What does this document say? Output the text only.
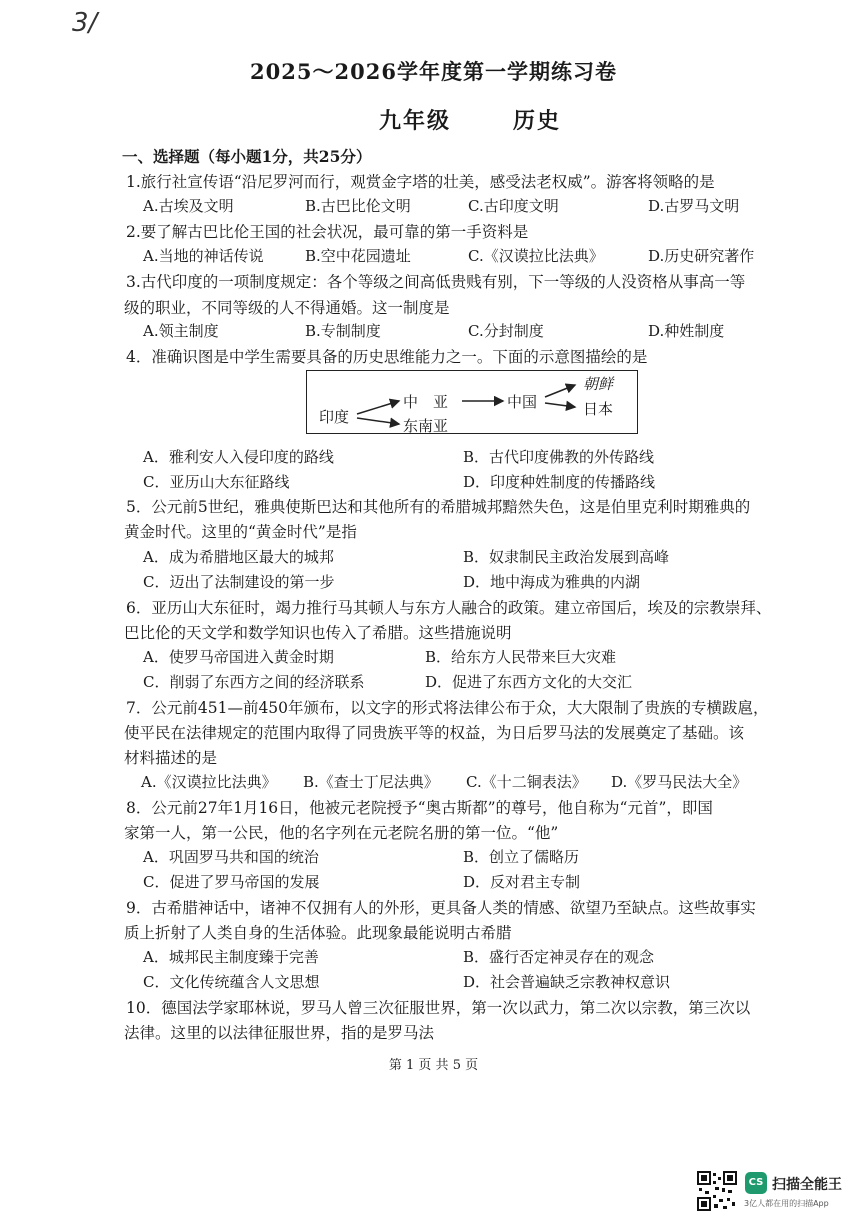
3/
2025～2026学年度第一学期练习卷
九年级	历史
一、选择题（每小题1分，共25分）
1.旅行社宣传语“沿尼罗河而行，观赏金字塔的壮美，感受法老权威”。游客将领略的是
A.古埃及文明	B.古巴比伦文明	C.古印度文明	D.古罗马文明
2.要了解古巴比伦王国的社会状况，最可靠的第一手资料是
A.当地的神话传说	B.空中花园遗址	C.《汉谟拉比法典》	D.历史研究著作
3.古代印度的一项制度规定：各个等级之间高低贵贱有别，下一等级的人没资格从事高一等
级的职业，不同等级的人不得通婚。这一制度是
A.领主制度	B.专制制度	C.分封制度	D.种姓制度
4．准确识图是中学生需要具备的历史思维能力之一。下面的示意图描绘的是
印度
中　亚
东南亚
中国
朝鲜
日本
A．雅利安人入侵印度的路线	B．古代印度佛教的外传路线
C．亚历山大东征路线	D．印度种姓制度的传播路线
5．公元前5世纪，雅典使斯巴达和其他所有的希腊城邦黯然失色，这是伯里克利时期雅典的
黄金时代。这里的“黄金时代”是指
A．成为希腊地区最大的城邦	B．奴隶制民主政治发展到高峰
C．迈出了法制建设的第一步	D．地中海成为雅典的内湖
6．亚历山大东征时，竭力推行马其顿人与东方人融合的政策。建立帝国后，埃及的宗教崇拜、
巴比伦的天文学和数学知识也传入了希腊。这些措施说明
A．使罗马帝国进入黄金时期	B．给东方人民带来巨大灾难
C．削弱了东西方之间的经济联系	D．促进了东西方文化的大交汇
7．公元前451—前450年颁布，以文字的形式将法律公布于众，大大限制了贵族的专横跋扈，
使平民在法律规定的范围内取得了同贵族平等的权益，为日后罗马法的发展奠定了基础。该
材料描述的是
A.《汉谟拉比法典》 B.《查士丁尼法典》 C.《十二铜表法》 D.《罗马民法大全》
8．公元前27年1月16日，他被元老院授予“奥古斯都”的尊号，他自称为“元首”，即国
家第一人，第一公民，他的名字列在元老院名册的第一位。“他”
A．巩固罗马共和国的统治	B．创立了儒略历
C．促进了罗马帝国的发展	D．反对君主专制
9．古希腊神话中，诸神不仅拥有人的外形，更具备人类的情感、欲望乃至缺点。这些故事实
质上折射了人类自身的生活体验。此现象最能说明古希腊
A．城邦民主制度臻于完善	B．盛行否定神灵存在的观念
C．文化传统蕴含人文思想	D．社会普遍缺乏宗教神权意识
10．德国法学家耶林说，罗马人曾三次征服世界，第一次以武力，第二次以宗教，第三次以
法律。这里的以法律征服世界，指的是罗马法
第 1 页 共 5 页
CS 扫描全能王
3亿人都在用的扫描App
